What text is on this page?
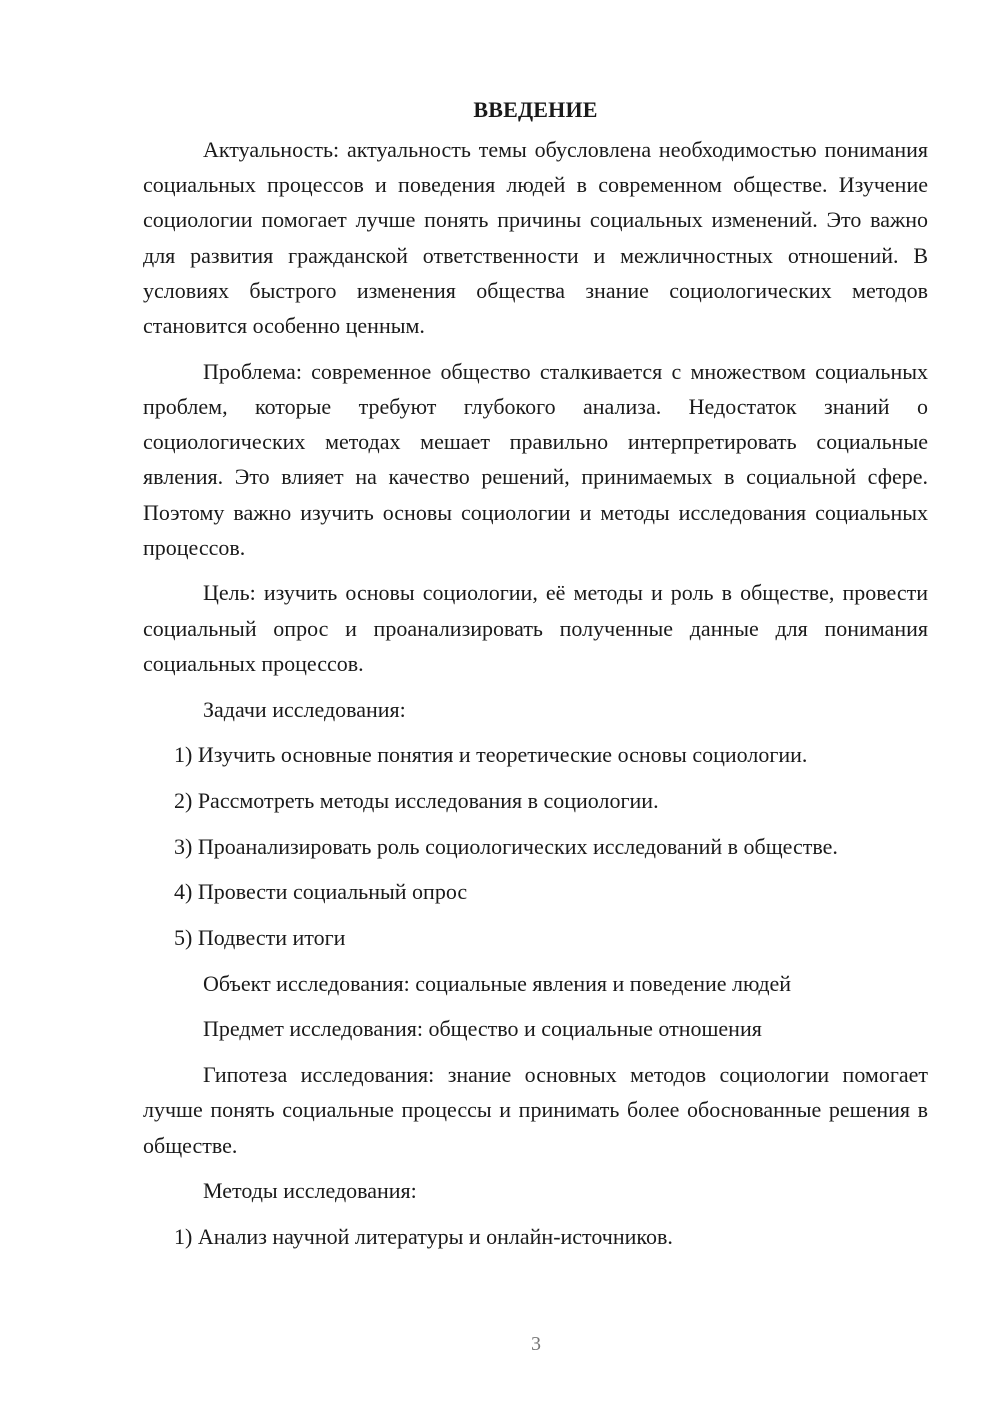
ВВЕДЕНИЕ

Актуальность: актуальность темы обусловлена необходимостью понимания социальных процессов и поведения людей в современном обществе. Изучение социологии помогает лучше понять причины социальных изменений. Это важно для развития гражданской ответственности и межличностных отношений. В условиях быстрого изменения общества знание социологических методов становится особенно ценным.

Проблема: современное общество сталкивается с множеством социальных проблем, которые требуют глубокого анализа. Недостаток знаний о социологических методах мешает правильно интерпретировать социальные явления. Это влияет на качество решений, принимаемых в социальной сфере. Поэтому важно изучить основы социологии и методы исследования социальных процессов.

Цель: изучить основы социологии, её методы и роль в обществе, провести социальный опрос и проанализировать полученные данные для понимания социальных процессов.

Задачи исследования:
1) Изучить основные понятия и теоретические основы социологии.
2) Рассмотреть методы исследования в социологии.
3) Проанализировать роль социологических исследований в обществе.
4) Провести социальный опрос
5) Подвести итоги
Объект исследования: социальные явления и поведение людей
Предмет исследования: общество и социальные отношения

Гипотеза исследования: знание основных методов социологии помогает лучше понять социальные процессы и принимать более обоснованные решения в обществе.

Методы исследования:
1) Анализ научной литературы и онлайн-источников.
3
